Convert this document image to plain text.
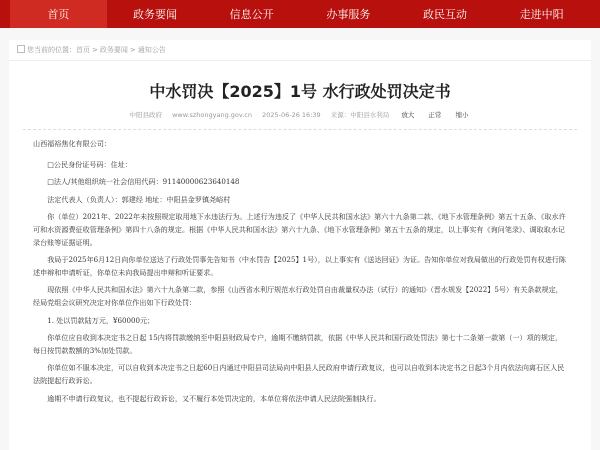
首页	政务要闻	信息公开	办事服务	政民互动	走进中阳
您当前的位置：首页 > 政务要闻 > 通知公告
中水罚决【2025】1号 水行政处罚决定书
中阳县政府 www.szhongyang.gov.cn 2025-06-26 16:39 来源：中阳县水利局 放大 正常 缩小

山西福裕焦化有限公司：

□公民身份证号码：住址：

□法人/其他组织统一社会信用代码：91140000623640148

法定代表人（负责人）：郭建经 地址：中阳县金罗镇尧峪村

你（单位）2021年、2022年未按照规定取用地下水违法行为。上述行为违反了《中华人民共和国水法》第六十九条第二款、《地下水管理条例》第五十五条、《取水许可和水资源费征收管理条例》第四十八条的规定。根据《中华人民共和国水法》第六十九条、《地下水管理条例》第五十五条的规定，以上事实有《询问笔录》、调取取水记录台账等证据证明。

我局于2025年6月12日向你单位送达了行政处罚事先告知书（中水罚告【2025】1号），以上事实有《送达回证》为证。告知你单位对我局做出的行政处罚有权进行陈述申辩和申请听证，你单位未向我局提出申辩和听证要求。

现依照《中华人民共和国水法》第六十九条第二款，参照《山西省水利厅规范水行政处罚自由裁量权办法（试行）的通知》（晋水规发【2022】5号）有关条款规定，经局党组会议研究决定对你单位作出如下行政处罚：

1. 处以罚款陆万元，¥60000元；

你单位应自收到本决定书之日起 15内将罚款缴纳至中阳县财政局专户，逾期不缴纳罚款，依据《中华人民共和国行政处罚法》第七十二条第一款第（一）项的规定，每日按罚款数额的3%加处罚款。

你单位如不服本决定，可以自收到本决定书之日起60日内通过中阳县司法局向中阳县人民政府申请行政复议，也可以自收到本决定书之日起3个月内依法向离石区人民法院提起行政诉讼。

逾期不申请行政复议，也不提起行政诉讼，又不履行本处罚决定的，本单位将依法申请人民法院强制执行。
